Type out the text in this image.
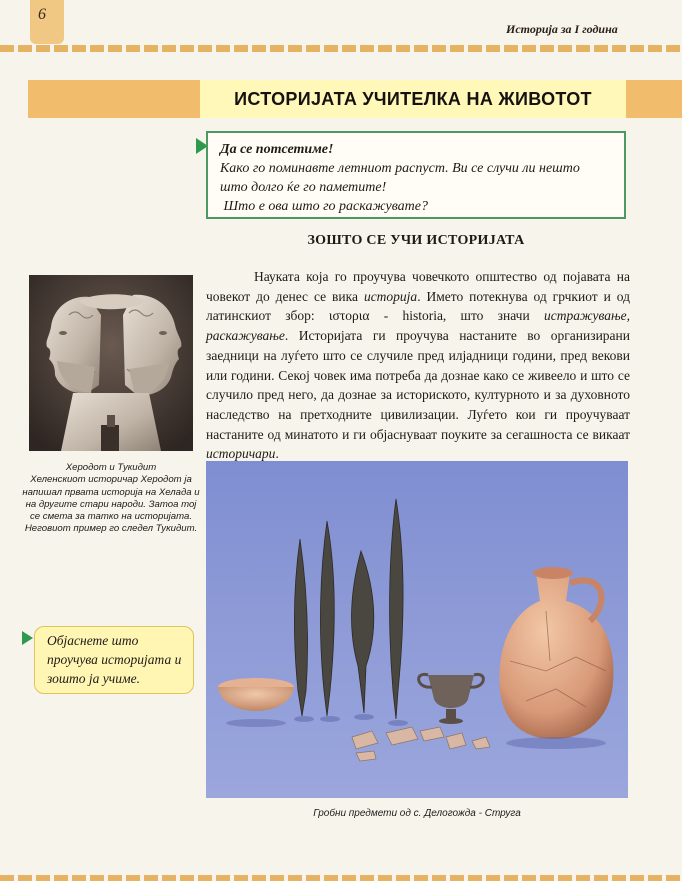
6
Историја за I година
ИСТОРИЈАТА УЧИТЕЛКА НА ЖИВОТОТ
Да се потсетиме!
Како го поминавте летниот распуст. Ви се случи ли нешто
што долго ќе го паметите!
Што е ова што го раскажувате?
ЗОШТО СЕ УЧИ ИСТОРИЈАТА
Науката која го проучува човечкото општество од појавата на човекот до денес се вика историја. Името потекнува од грчкиот и од латинскиот збор: ιστορια - historia, што значи истражување, раскажување. Историјата ги проучува настаните во организирани заедници на луѓето што се случиле пред илјадници години, пред векови или години. Секој човек има потреба да дознае како се живеело и што се случило пред него, да дознае за историското, културното и за духовното наследство на претходните цивилизации. Луѓето кои ги проучуваат настаните од минатото и ги објаснуваат поуките за сегашноста се викаат историчари.
Херодот и Тукидит
Хеленскиот историчар Херодот ја напишал првата историја на Хелада и на другите стари народи. Затоа тој се смета за татко на историјата. Неговиот пример го следел Тукидит.
Објаснете што проучува историјата и зошто ја учиме.
Гробни предмети од с. Делогожда - Струга
